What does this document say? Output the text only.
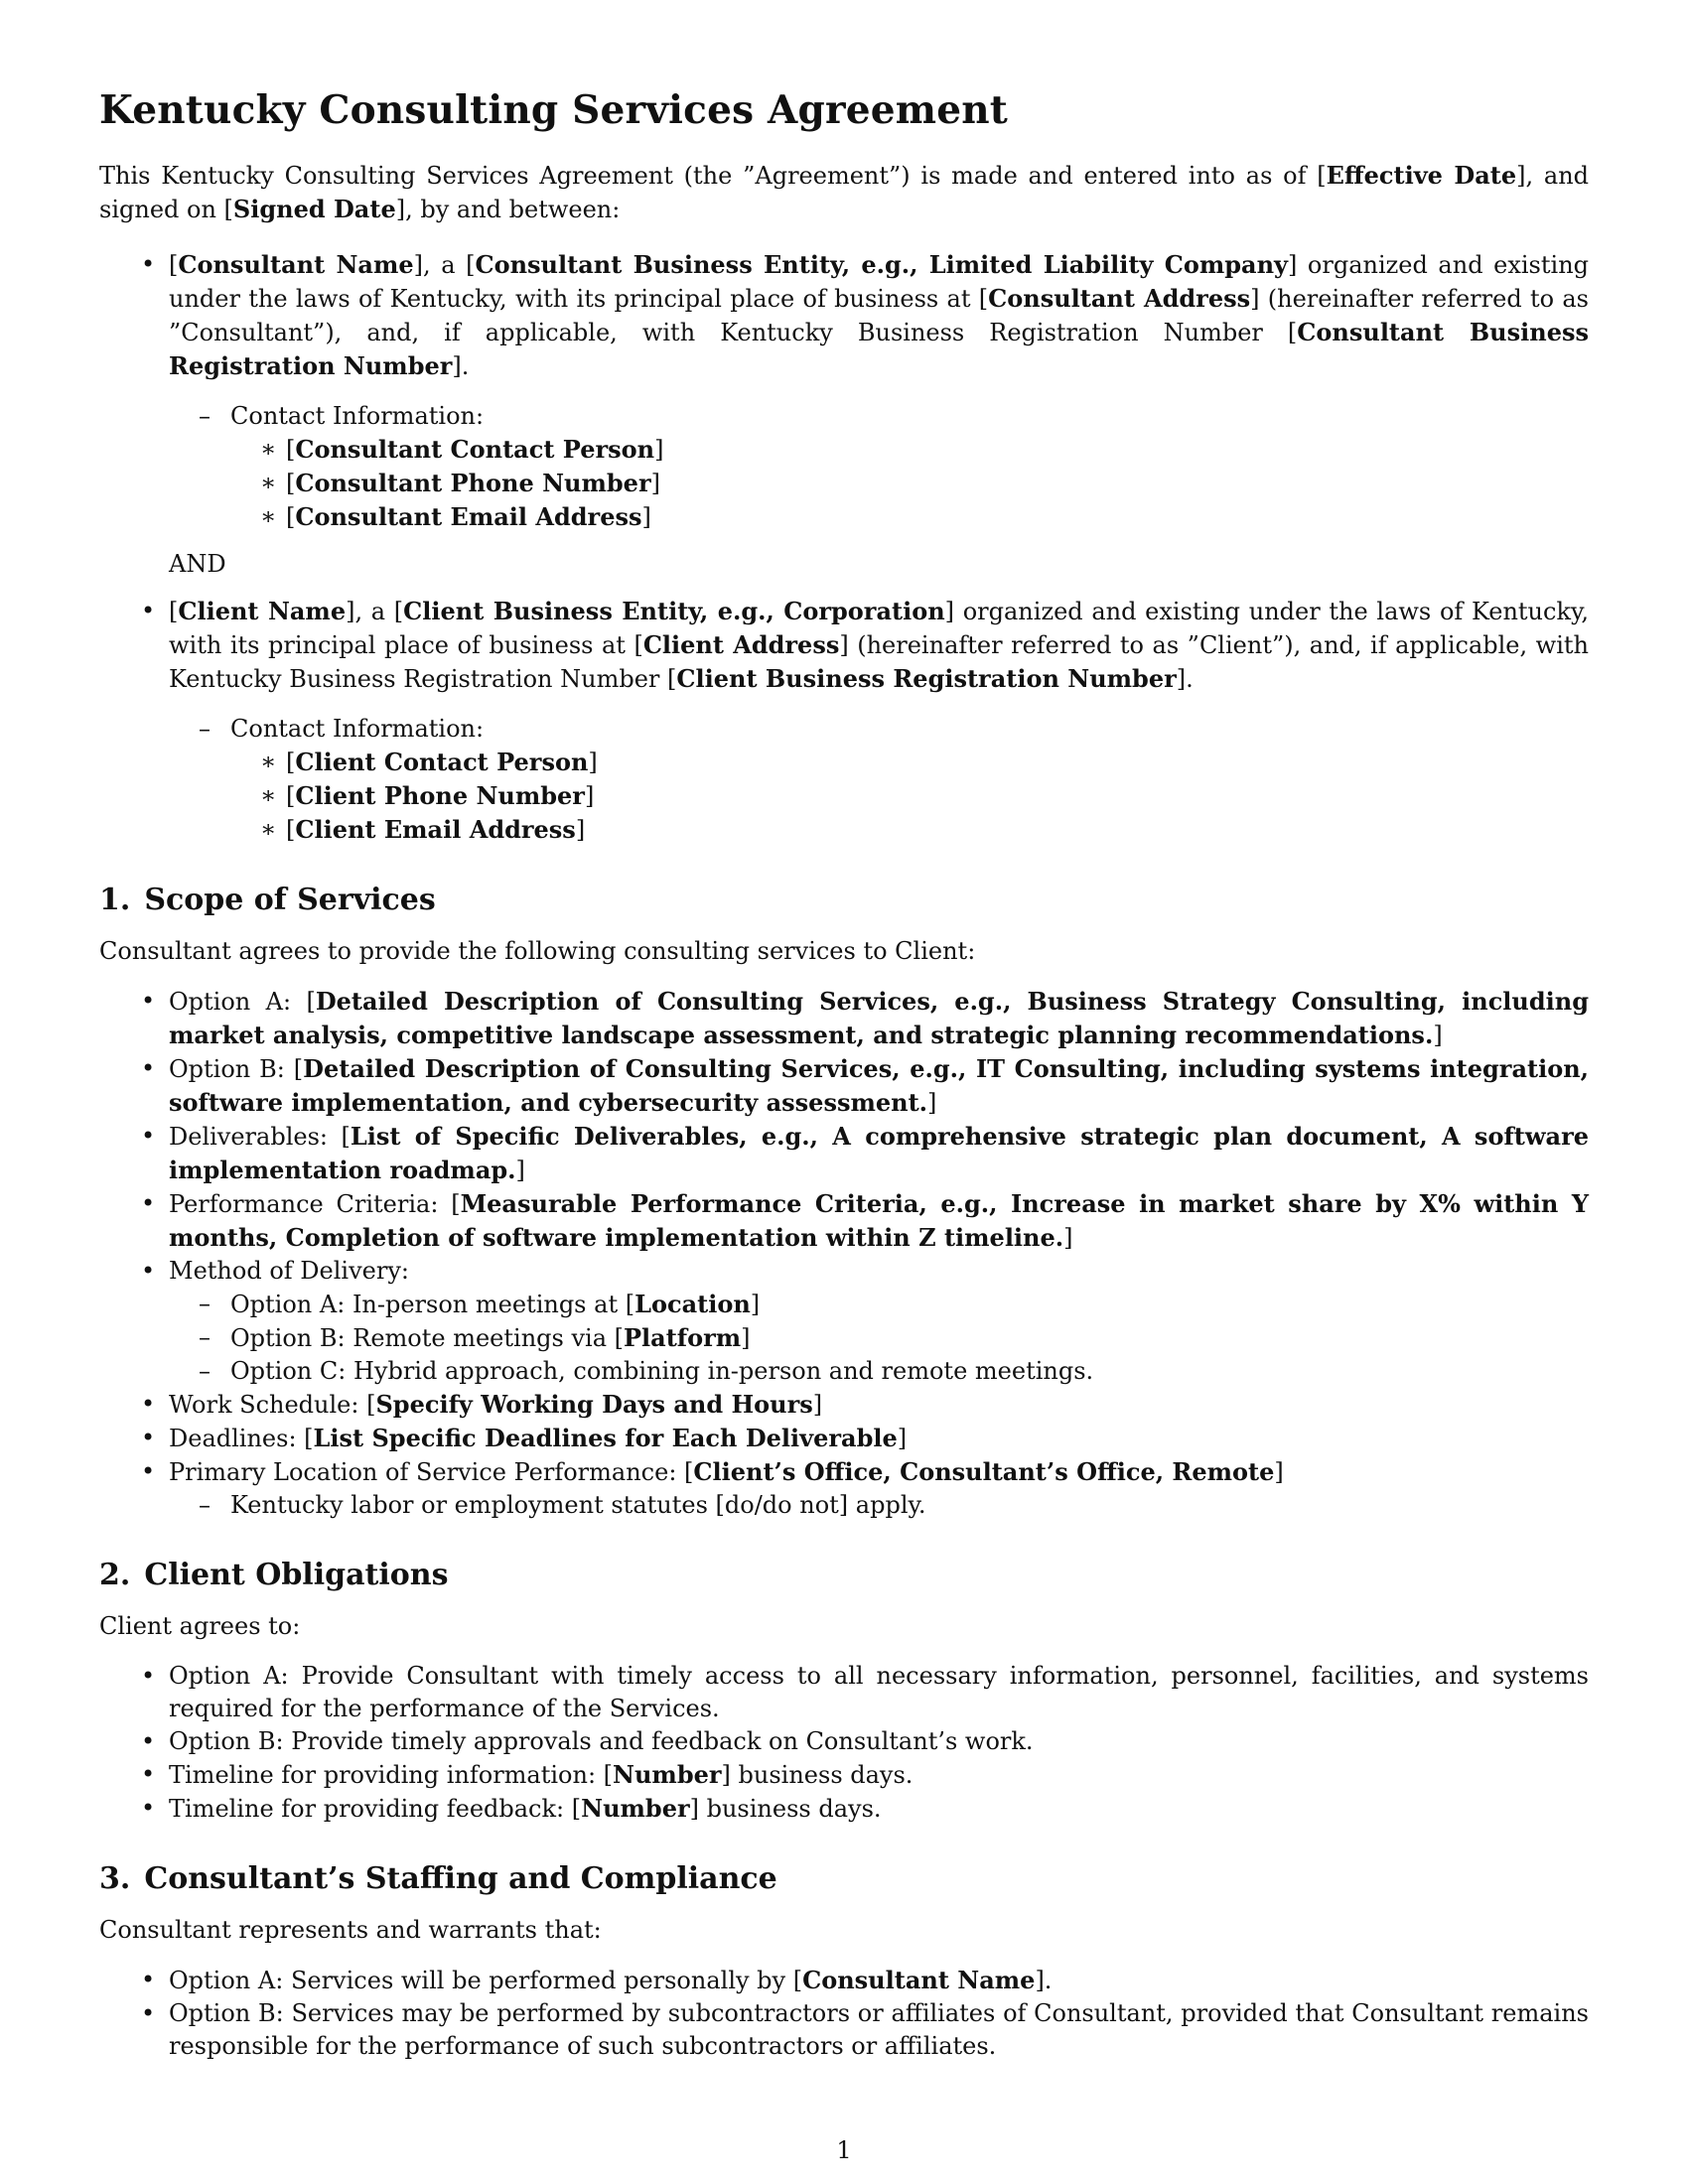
Kentucky Consulting Services Agreement

This Kentucky Consulting Services Agreement (the ”Agreement”) is made and entered into as of [Effective Date], and signed on [Signed Date], by and between:

• [Consultant Name], a [Consultant Business Entity, e.g., Limited Liability Company] organized and existing under the laws of Kentucky, with its principal place of business at [Consultant Address] (hereinafter referred to as ”Consultant”), and, if applicable, with Kentucky Business Registration Number [Consultant Business Registration Number].
– Contact Information:
∗ [Consultant Contact Person]
∗ [Consultant Phone Number]
∗ [Consultant Email Address]
AND
• [Client Name], a [Client Business Entity, e.g., Corporation] organized and existing under the laws of Kentucky, with its principal place of business at [Client Address] (hereinafter referred to as ”Client”), and, if applicable, with Kentucky Business Registration Number [Client Business Registration Number].
– Contact Information:
∗ [Client Contact Person]
∗ [Client Phone Number]
∗ [Client Email Address]
1. Scope of Services

Consultant agrees to provide the following consulting services to Client:

• Option A: [Detailed Description of Consulting Services, e.g., Business Strategy Consulting, including market analysis, competitive landscape assessment, and strategic planning recommendations.]
• Option B: [Detailed Description of Consulting Services, e.g., IT Consulting, including systems integration, software implementation, and cybersecurity assessment.]
• Deliverables: [List of Specific Deliverables, e.g., A comprehensive strategic plan document, A software implementation roadmap.]
• Performance Criteria: [Measurable Performance Criteria, e.g., Increase in market share by X% within Y months, Completion of software implementation within Z timeline.]
• Method of Delivery:
– Option A: In-person meetings at [Location]
– Option B: Remote meetings via [Platform]
– Option C: Hybrid approach, combining in-person and remote meetings.
• Work Schedule: [Specify Working Days and Hours]
• Deadlines: [List Specific Deadlines for Each Deliverable]
• Primary Location of Service Performance: [Client’s Office, Consultant’s Office, Remote]
– Kentucky labor or employment statutes [do/do not] apply.
2. Client Obligations

Client agrees to:

• Option A: Provide Consultant with timely access to all necessary information, personnel, facilities, and systems required for the performance of the Services.
• Option B: Provide timely approvals and feedback on Consultant’s work.
• Timeline for providing information: [Number] business days.
• Timeline for providing feedback: [Number] business days.
3. Consultant’s Staffing and Compliance

Consultant represents and warrants that:

• Option A: Services will be performed personally by [Consultant Name].
• Option B: Services may be performed by subcontractors or affiliates of Consultant, provided that Consultant remains responsible for the performance of such subcontractors or affiliates.
1
